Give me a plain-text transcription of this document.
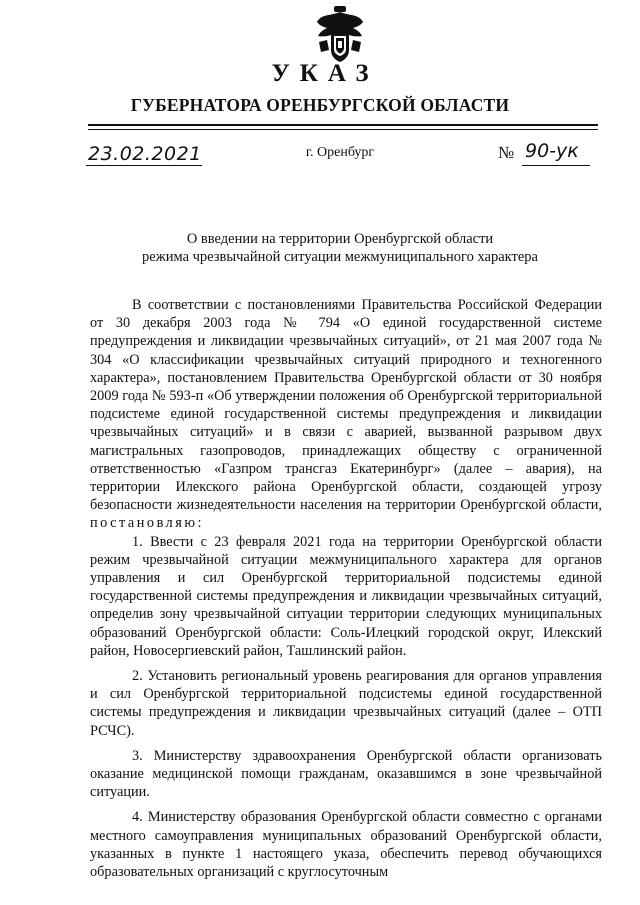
УКАЗ
ГУБЕРНАТОРА ОРЕНБУРГСКОЙ ОБЛАСТИ
23.02.2021	г. Оренбург	№ 90-ук
О введении на территории Оренбургской области
режима чрезвычайной ситуации межмуниципального характера

В соответствии с постановлениями Правительства Российской Федерации от 30 декабря 2003 года № 794 «О единой государственной системе предупреждения и ликвидации чрезвычайных ситуаций», от 21 мая 2007 года № 304 «О классификации чрезвычайных ситуаций природного и техногенного характера», постановлением Правительства Оренбургской области от 30 ноября 2009 года № 593-п «Об утверждении положения об Оренбургской территориальной подсистеме единой государственной системы предупреждения и ликвидации чрезвычайных ситуаций» и в связи с аварией, вызванной разрывом двух магистральных газопроводов, принадлежащих обществу с ограниченной ответственностью «Газпром трансгаз Екатеринбург» (далее – авария), на территории Илекского района Оренбургской области, создающей угрозу безопасности жизнедеятельности населения на территории Оренбургской области, постановляю:

1. Ввести с 23 февраля 2021 года на территории Оренбургской области режим чрезвычайной ситуации межмуниципального характера для органов управления и сил Оренбургской территориальной подсистемы единой государственной системы предупреждения и ликвидации чрезвычайных ситуаций, определив зону чрезвычайной ситуации территории следующих муниципальных образований Оренбургской области: Соль-Илецкий городской округ, Илекский район, Новосергиевский район, Ташлинский район.

2. Установить региональный уровень реагирования для органов управления и сил Оренбургской территориальной подсистемы единой государственной системы предупреждения и ликвидации чрезвычайных ситуаций (далее – ОТП РСЧС).

3. Министерству здравоохранения Оренбургской области организовать оказание медицинской помощи гражданам, оказавшимся в зоне чрезвычайной ситуации.

4. Министерству образования Оренбургской области совместно с органами местного самоуправления муниципальных образований Оренбургской области, указанных в пункте 1 настоящего указа, обеспечить перевод обучающихся образовательных организаций с круглосуточным
